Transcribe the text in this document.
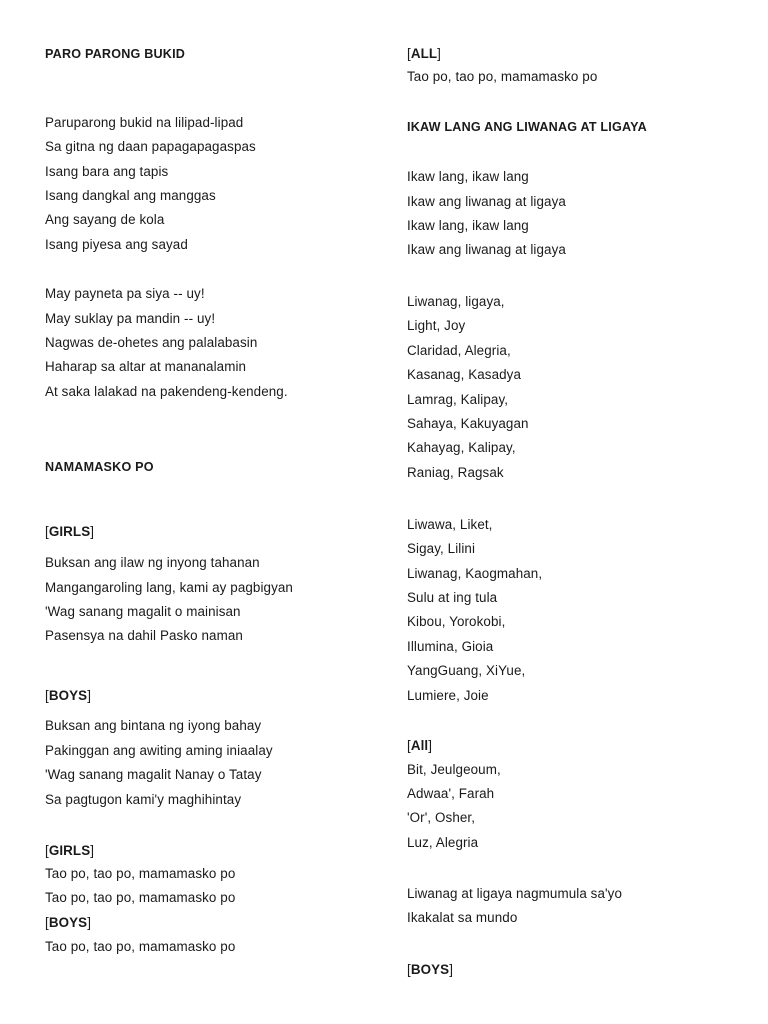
PARO PARONG BUKID
Paruparong bukid na lilipad-lipad
Sa gitna ng daan papagapagaspas
Isang bara ang tapis
Isang dangkal ang manggas
Ang sayang de kola
Isang piyesa ang sayad
May payneta pa siya -- uy!
May suklay pa mandin -- uy!
Nagwas de-ohetes ang palalabasin
Haharap sa altar at mananalamin
At saka lalakad na pakendeng-kendeng.
NAMAMASKO PO
[GIRLS]
Buksan ang ilaw ng inyong tahanan
Mangangaroling lang, kami ay pagbigyan
'Wag sanang magalit o mainisan
Pasensya na dahil Pasko naman
[BOYS]
Buksan ang bintana ng iyong bahay
Pakinggan ang awiting aming iniaalay
'Wag sanang magalit Nanay o Tatay
Sa pagtugon kami'y maghihintay
[GIRLS]
Tao po, tao po, mamamasko po
Tao po, tao po, mamamasko po
[BOYS]
Tao po, tao po, mamamasko po
[ALL]
Tao po, tao po, mamamasko po
IKAW LANG ANG LIWANAG AT LIGAYA
Ikaw lang, ikaw lang
Ikaw ang liwanag at ligaya
Ikaw lang, ikaw lang
Ikaw ang liwanag at ligaya
Liwanag, ligaya,
Light, Joy
Claridad, Alegria,
Kasanag, Kasadya
Lamrag, Kalipay,
Sahaya, Kakuyagan
Kahayag, Kalipay,
Raniag, Ragsak
Liwawa, Liket,
Sigay, Lilini
Liwanag, Kaogmahan,
Sulu at ing tula
Kibou, Yorokobi,
Illumina, Gioia
YangGuang, XiYue,
Lumiere, Joie
[All]
Bit, Jeulgeoum,
Adwaa', Farah
'Or', Osher,
Luz, Alegria
Liwanag at ligaya nagmumula sa'yo
Ikakalat sa mundo
[BOYS]
